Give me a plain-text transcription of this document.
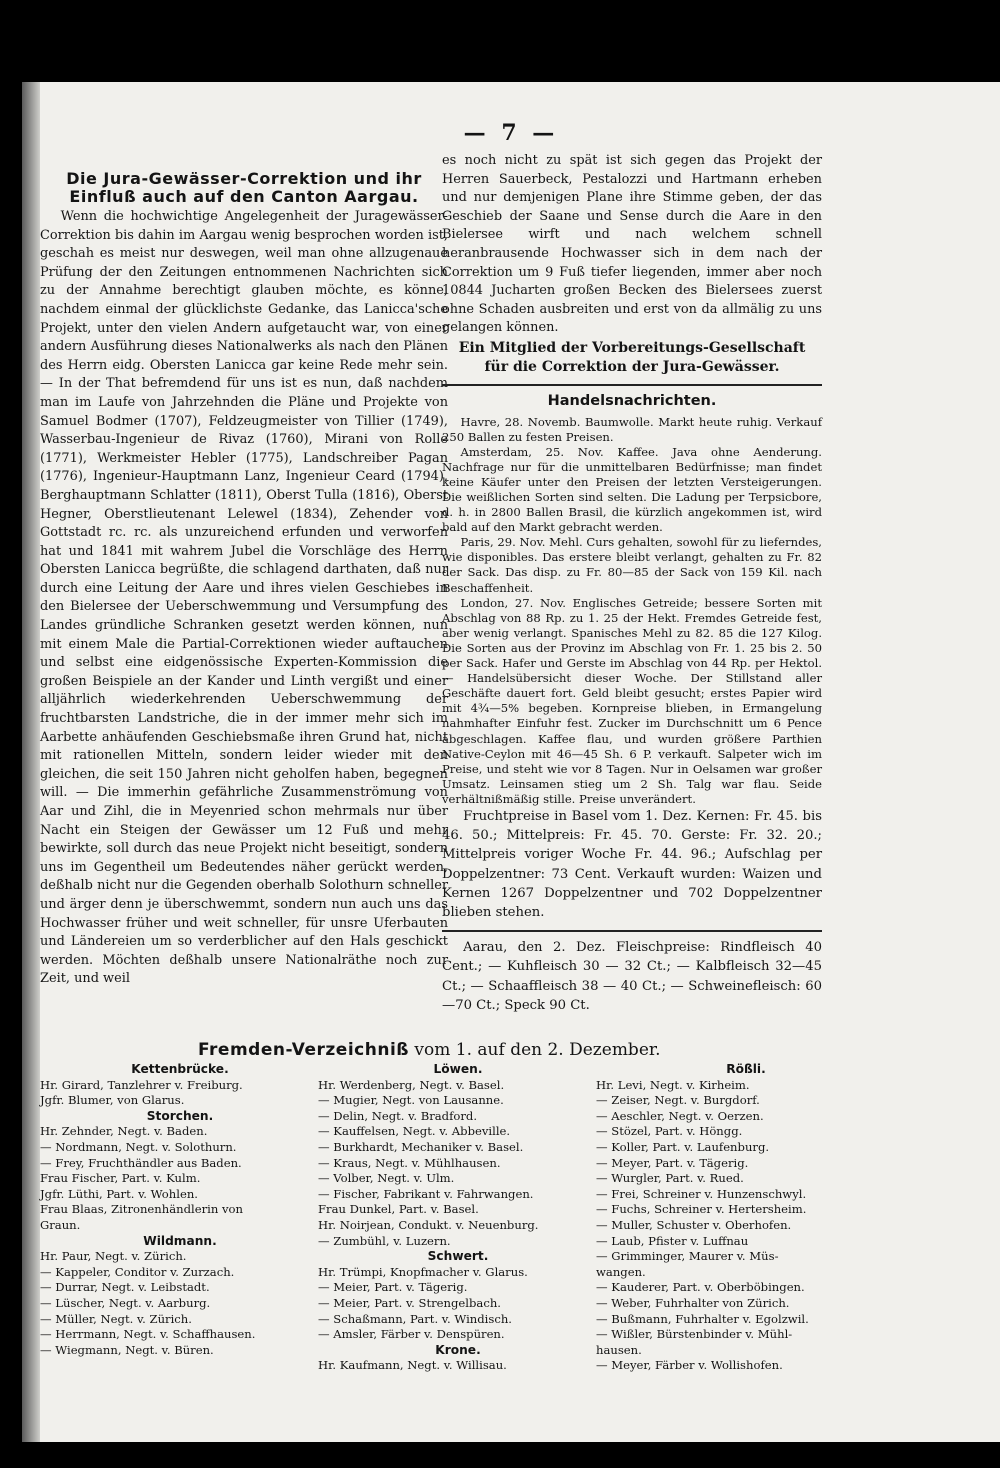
— 7 —
Die Jura-Gewässer-Correktion und ihr Einfluß auch auf den Canton Aargau.

Wenn die hochwichtige Angelegenheit der Juragewässer-Correktion bis dahin im Aargau wenig besprochen worden ist, geschah es meist nur deswegen, weil man ohne allzugenaue Prüfung der den Zeitungen entnommenen Nachrichten sich zu der Annahme berechtigt glauben möchte, es könne, nachdem einmal der glücklichste Gedanke, das Lanicca'sche Projekt, unter den vielen Andern aufgetaucht war, von einer andern Ausführung dieses Nationalwerks als nach den Plänen des Herrn eidg. Obersten Lanicca gar keine Rede mehr sein. — In der That befremdend für uns ist es nun, daß nachdem man im Laufe von Jahrzehnden die Pläne und Projekte von Samuel Bodmer (1707), Feldzeugmeister von Tillier (1749), Wasserbau-Ingenieur de Rivaz (1760), Mirani von Rolle (1771), Werkmeister Hebler (1775), Landschreiber Pagan (1776), Ingenieur-Hauptmann Lanz, Ingenieur Ceard (1794), Berghauptmann Schlatter (1811), Oberst Tulla (1816), Oberst Hegner, Oberstlieutenant Lelewel (1834), Zehender von Gottstadt rc. rc. als unzureichend erfunden und verworfen hat und 1841 mit wahrem Jubel die Vorschläge des Herrn Obersten Lanicca begrüßte, die schlagend darthaten, daß nur durch eine Leitung der Aare und ihres vielen Geschiebes in den Bielersee der Ueberschwemmung und Versumpfung des Landes gründliche Schranken gesetzt werden können, nun mit einem Male die Partial-Correktionen wieder auftauchen und selbst eine eidgenössische Experten-Kommission die großen Beispiele an der Kander und Linth vergißt und einer alljährlich wiederkehrenden Ueberschwemmung der fruchtbarsten Landstriche, die in der immer mehr sich im Aarbette anhäufenden Geschiebsmaße ihren Grund hat, nicht mit rationellen Mitteln, sondern leider wieder mit den gleichen, die seit 150 Jahren nicht geholfen haben, begegnen will. — Die immerhin gefährliche Zusammenströmung von Aar und Zihl, die in Meyenried schon mehrmals nur über Nacht ein Steigen der Gewässer um 12 Fuß und mehr bewirkte, soll durch das neue Projekt nicht beseitigt, sondern uns im Gegentheil um Bedeutendes näher gerückt werden, deßhalb nicht nur die Gegenden oberhalb Solothurn schneller und ärger denn je überschwemmt, sondern nun auch uns das Hochwasser früher und weit schneller, für unsre Uferbauten und Ländereien um so verderblicher auf den Hals geschickt werden. Möchten deßhalb unsere Nationalräthe noch zur Zeit, und weil

es noch nicht zu spät ist sich gegen das Projekt der Herren Sauerbeck, Pestalozzi und Hartmann erheben und nur demjenigen Plane ihre Stimme geben, der das Geschieb der Saane und Sense durch die Aare in den Bielersee wirft und nach welchem schnell heranbrausende Hochwasser sich in dem nach der Correktion um 9 Fuß tiefer liegenden, immer aber noch 10844 Jucharten großen Becken des Bielersees zuerst ohne Schaden ausbreiten und erst von da allmälig zu uns gelangen können.

Ein Mitglied der Vorbereitungs-Gesellschaft
für die Correktion der Jura-Gewässer.
Handelsnachrichten.

Havre, 28. Novemb. Baumwolle. Markt heute ruhig. Verkauf 250 Ballen zu festen Preisen.

Amsterdam, 25. Nov. Kaffee. Java ohne Aenderung. Nachfrage nur für die unmittelbaren Bedürfnisse; man findet keine Käufer unter den Preisen der letzten Versteigerungen. Die weißlichen Sorten sind selten. Die Ladung per Terpsicbore, d. h. in 2800 Ballen Brasil, die kürzlich angekommen ist, wird bald auf den Markt gebracht werden.

Paris, 29. Nov. Mehl. Curs gehalten, sowohl für zu lieferndes, wie disponibles. Das erstere bleibt verlangt, gehalten zu Fr. 82 der Sack. Das disp. zu Fr. 80—85 der Sack von 159 Kil. nach Beschaffenheit.

London, 27. Nov. Englisches Getreide; bessere Sorten mit Abschlag von 88 Rp. zu 1. 25 der Hekt. Fremdes Getreide fest, aber wenig verlangt. Spanisches Mehl zu 82. 85 die 127 Kilog. Die Sorten aus der Provinz im Abschlag von Fr. 1. 25 bis 2. 50 per Sack. Hafer und Gerste im Abschlag von 44 Rp. per Hektol. — Handelsübersicht dieser Woche. Der Stillstand aller Geschäfte dauert fort. Geld bleibt gesucht; erstes Papier wird mit 4¾—5% begeben. Kornpreise blieben, in Ermangelung nahmhafter Einfuhr fest. Zucker im Durchschnitt um 6 Pence abgeschlagen. Kaffee flau, und wurden größere Parthien Native-Ceylon mit 46—45 Sh. 6 P. verkauft. Salpeter wich im Preise, und steht wie vor 8 Tagen. Nur in Oelsamen war großer Umsatz. Leinsamen stieg um 2 Sh. Talg war flau. Seide verhältnißmäßig stille. Preise unverändert.

Fruchtpreise in Basel vom 1. Dez. Kernen: Fr. 45. bis 46. 50.; Mittelpreis: Fr. 45. 70. Gerste: Fr. 32. 20.; Mittelpreis voriger Woche Fr. 44. 96.; Aufschlag per Doppelzentner: 73 Cent. Verkauft wurden: Waizen und Kernen 1267 Doppelzentner und 702 Doppelzentner blieben stehen.

Aarau, den 2. Dez. Fleischpreise: Rindfleisch 40 Cent.; — Kuhfleisch 30 — 32 Ct.; — Kalbfleisch 32—45 Ct.; — Schaaffleisch 38 — 40 Ct.; — Schweinefleisch: 60—70 Ct.; Speck 90 Ct.

Fremden-Verzeichniß vom 1. auf den 2. Dezember.
Kettenbrücke.
Hr. Girard, Tanzlehrer v. Freiburg.
Jgfr. Blumer, von Glarus.
Storchen.
Hr. Zehnder, Negt. v. Baden.
— Nordmann, Negt. v. Solothurn.
— Frey, Fruchthändler aus Baden.
Frau Fischer, Part. v. Kulm.
Jgfr. Lüthi, Part. v. Wohlen.
Frau Blaas, Zitronenhändlerin von
Graun.
Wildmann.
Hr. Paur, Negt. v. Zürich.
— Kappeler, Conditor v. Zurzach.
— Durrar, Negt. v. Leibstadt.
— Lüscher, Negt. v. Aarburg.
— Müller, Negt. v. Zürich.
— Herrmann, Negt. v. Schaffhausen.
— Wiegmann, Negt. v. Büren.
Löwen.
Hr. Werdenberg, Negt. v. Basel.
— Mugier, Negt. von Lausanne.
— Delin, Negt. v. Bradford.
— Kauffelsen, Negt. v. Abbeville.
— Burkhardt, Mechaniker v. Basel.
— Kraus, Negt. v. Mühlhausen.
— Volber, Negt. v. Ulm.
— Fischer, Fabrikant v. Fahrwangen.
Frau Dunkel, Part. v. Basel.
Hr. Noirjean, Condukt. v. Neuenburg.
— Zumbühl, v. Luzern.
Schwert.
Hr. Trümpi, Knopfmacher v. Glarus.
— Meier, Part. v. Tägerig.
— Meier, Part. v. Strengelbach.
— Schaßmann, Part. v. Windisch.
— Amsler, Färber v. Denspüren.
Krone.
Hr. Kaufmann, Negt. v. Willisau.
Rößli.
Hr. Levi, Negt. v. Kirheim.
— Zeiser, Negt. v. Burgdorf.
— Aeschler, Negt. v. Oerzen.
— Stözel, Part. v. Höngg.
— Koller, Part. v. Laufenburg.
— Meyer, Part. v. Tägerig.
— Wurgler, Part. v. Rued.
— Frei, Schreiner v. Hunzenschwyl.
— Fuchs, Schreiner v. Hertersheim.
— Muller, Schuster v. Oberhofen.
— Laub, Pfister v. Luffnau
— Grimminger, Maurer v. Müs-
wangen.
— Kauderer, Part. v. Oberböbingen.
— Weber, Fuhrhalter von Zürich.
— Bußmann, Fuhrhalter v. Egolzwil.
— Wißler, Bürstenbinder v. Mühl-
hausen.
— Meyer, Färber v. Wollishofen.
